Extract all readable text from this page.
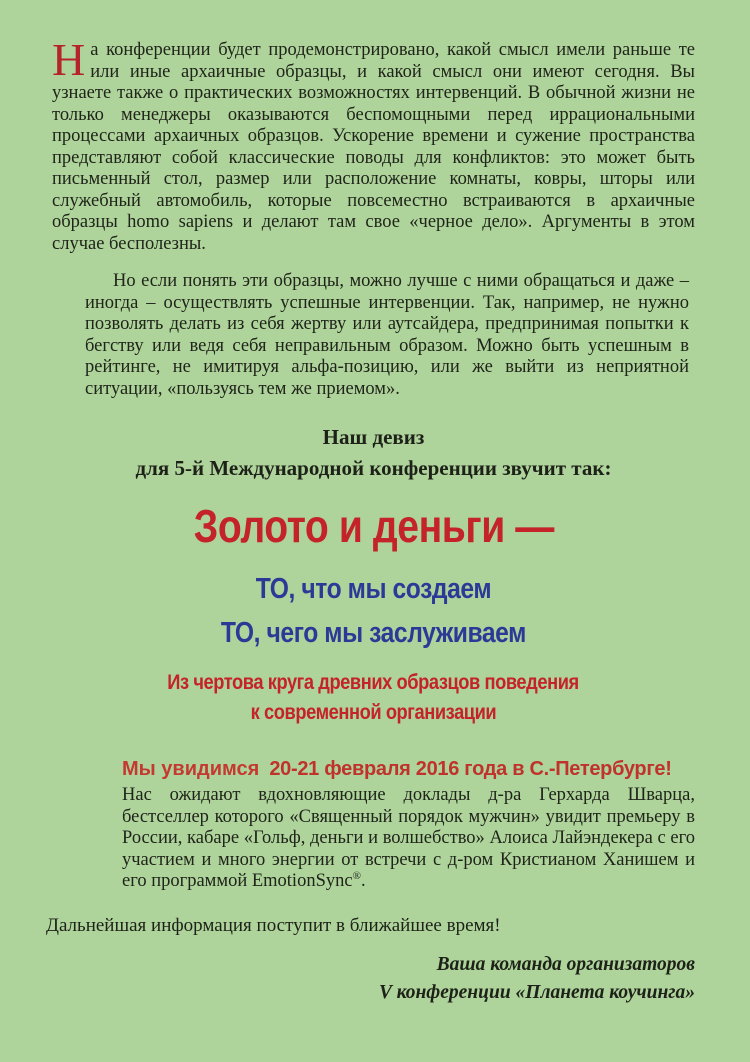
На конференции будет продемонстрировано, какой смысл имели раньше те или иные архаичные образцы, и какой смысл они имеют сегодня. Вы узнаете также о практических возможностях интервенций. В обычной жизни не только менеджеры оказываются беспомощными перед иррациональными процессами архаичных образцов. Ускорение времени и сужение пространства представляют собой классические поводы для конфликтов: это может быть письменный стол, размер или расположение комнаты, ковры, шторы или служебный автомобиль, которые повсеместно встраиваются в архаичные образцы homo sapiens и делают там свое «черное дело». Аргументы в этом случае бесполезны.

Но если понять эти образцы, можно лучше с ними обращаться и даже – иногда – осуществлять успешные интервенции. Так, например, не нужно позволять делать из себя жертву или аутсайдера, предпринимая попытки к бегству или ведя себя неправильным образом. Можно быть успешным в рейтинге, не имитируя альфа-позицию, или же выйти из неприятной ситуации, «пользуясь тем же приемом».

Наш девиз
для 5-й Международной конференции звучит так:
Золото и деньги —
ТО, что мы создаем
ТО, чего мы заслуживаем
Из чертова круга древних образцов поведения
к современной организации
Мы увидимся 20-21 февраля 2016 года в С.-Петербурге!

Нас ожидают вдохновляющие доклады д-ра Герхарда Шварца, бестселлер которого «Священный порядок мужчин» увидит премьеру в России, кабаре «Гольф, деньги и волшебство» Алоиса Лайэндекера с его участием и много энергии от встречи с д-ром Кристианом Ханишем и его программой EmotionSync®.

Дальнейшая информация поступит в ближайшее время!
Ваша команда организаторов
V конференции «Планета коучинга»
